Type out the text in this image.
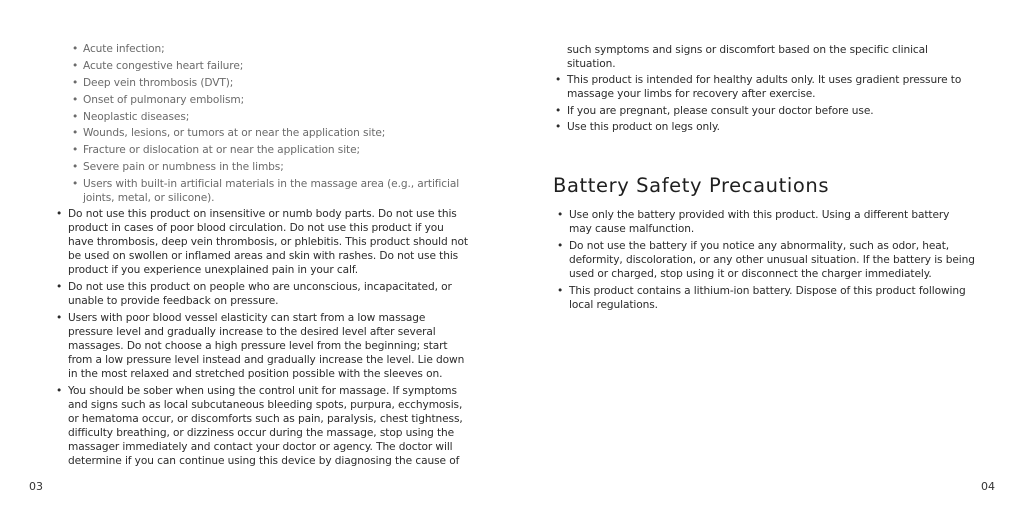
• Acute infection;
• Acute congestive heart failure;
• Deep vein thrombosis (DVT);
• Onset of pulmonary embolism;
• Neoplastic diseases;
• Wounds, lesions, or tumors at or near the application site;
• Fracture or dislocation at or near the application site;
• Severe pain or numbness in the limbs;
• Users with built-in artificial materials in the massage area (e.g., artificial joints, metal, or silicone).
• Do not use this product on insensitive or numb body parts. Do not use this product in cases of poor blood circulation. Do not use this product if you have thrombosis, deep vein thrombosis, or phlebitis. This product should not be used on swollen or inflamed areas and skin with rashes. Do not use this product if you experience unexplained pain in your calf.
• Do not use this product on people who are unconscious, incapacitated, or unable to provide feedback on pressure.
• Users with poor blood vessel elasticity can start from a low massage pressure level and gradually increase to the desired level after several massages. Do not choose a high pressure level from the beginning; start from a low pressure level instead and gradually increase the level. Lie down in the most relaxed and stretched position possible with the sleeves on.
• You should be sober when using the control unit for massage. If symptoms and signs such as local subcutaneous bleeding spots, purpura, ecchymosis, or hematoma occur, or discomforts such as pain, paralysis, chest tightness, difficulty breathing, or dizziness occur during the massage, stop using the massager immediately and contact your doctor or agency. The doctor will determine if you can continue using this device by diagnosing the cause of
03
such symptoms and signs or discomfort based on the specific clinical situation.
• This product is intended for healthy adults only. It uses gradient pressure to massage your limbs for recovery after exercise.
• If you are pregnant, please consult your doctor before use.
• Use this product on legs only.
Battery Safety Precautions
• Use only the battery provided with this product. Using a different battery may cause malfunction.
• Do not use the battery if you notice any abnormality, such as odor, heat, deformity, discoloration, or any other unusual situation. If the battery is being used or charged, stop using it or disconnect the charger immediately.
• This product contains a lithium-ion battery. Dispose of this product following local regulations.
04
